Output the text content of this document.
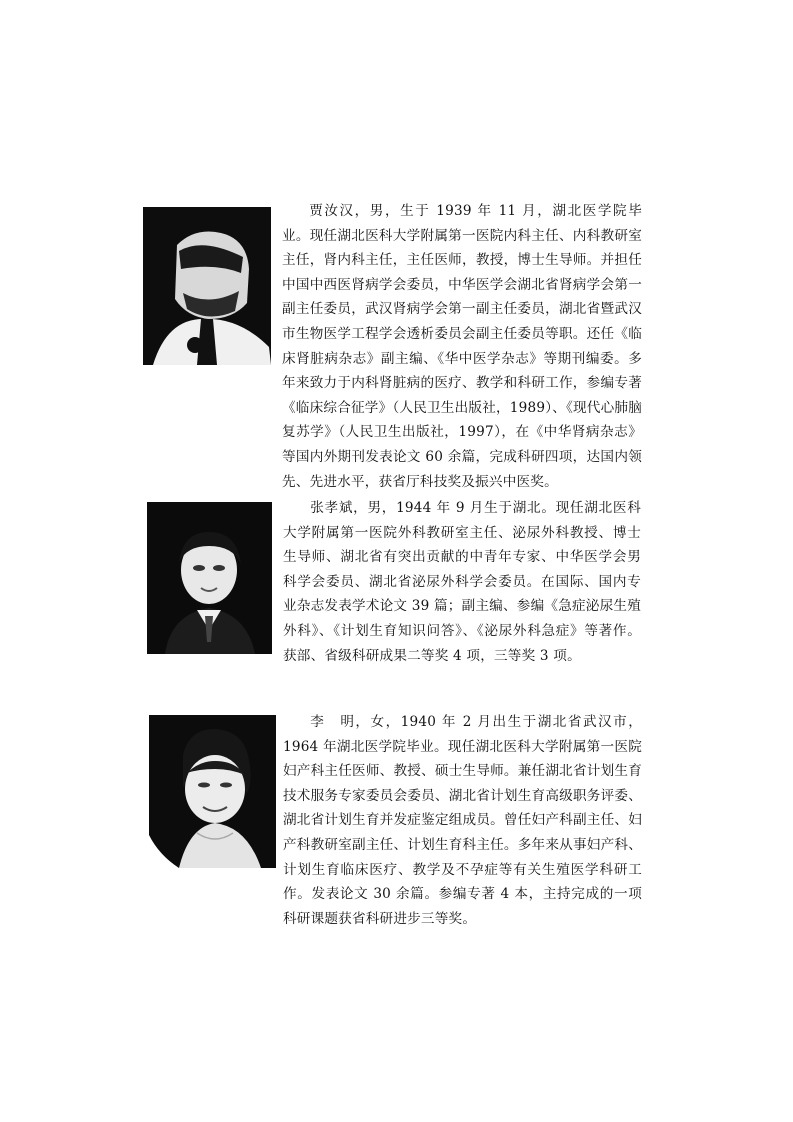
贾汝汉，男，生于 1939 年 11 月，湖北医学院毕业。现任湖北医科大学附属第一医院内科主任、内科教研室主任，肾内科主任，主任医师，教授，博士生导师。并担任中国中西医肾病学会委员，中华医学会湖北省肾病学会第一副主任委员，武汉肾病学会第一副主任委员，湖北省暨武汉市生物医学工程学会透析委员会副主任委员等职。还任《临床肾脏病杂志》副主编、《华中医学杂志》等期刊编委。多年来致力于内科肾脏病的医疗、教学和科研工作，参编专著《临床综合征学》（人民卫生出版社，1989）、《现代心肺脑复苏学》（人民卫生出版社，1997），在《中华肾病杂志》等国内外期刊发表论文 60 余篇，完成科研四项，达国内领先、先进水平，获省厅科技奖及振兴中医奖。

张孝斌，男，1944 年 9 月生于湖北。现任湖北医科大学附属第一医院外科教研室主任、泌尿外科教授、博士生导师、湖北省有突出贡献的中青年专家、中华医学会男科学会委员、湖北省泌尿外科学会委员。在国际、国内专业杂志发表学术论文 39 篇；副主编、参编《急症泌尿生殖外科》、《计划生育知识问答》、《泌尿外科急症》等著作。获部、省级科研成果二等奖 4 项，三等奖 3 项。

李　明，女，1940 年 2 月出生于湖北省武汉市，1964 年湖北医学院毕业。现任湖北医科大学附属第一医院妇产科主任医师、教授、硕士生导师。兼任湖北省计划生育技术服务专家委员会委员、湖北省计划生育高级职务评委、湖北省计划生育并发症鉴定组成员。曾任妇产科副主任、妇产科教研室副主任、计划生育科主任。多年来从事妇产科、计划生育临床医疗、教学及不孕症等有关生殖医学科研工作。发表论文 30 余篇。参编专著 4 本，主持完成的一项科研课题获省科研进步三等奖。
